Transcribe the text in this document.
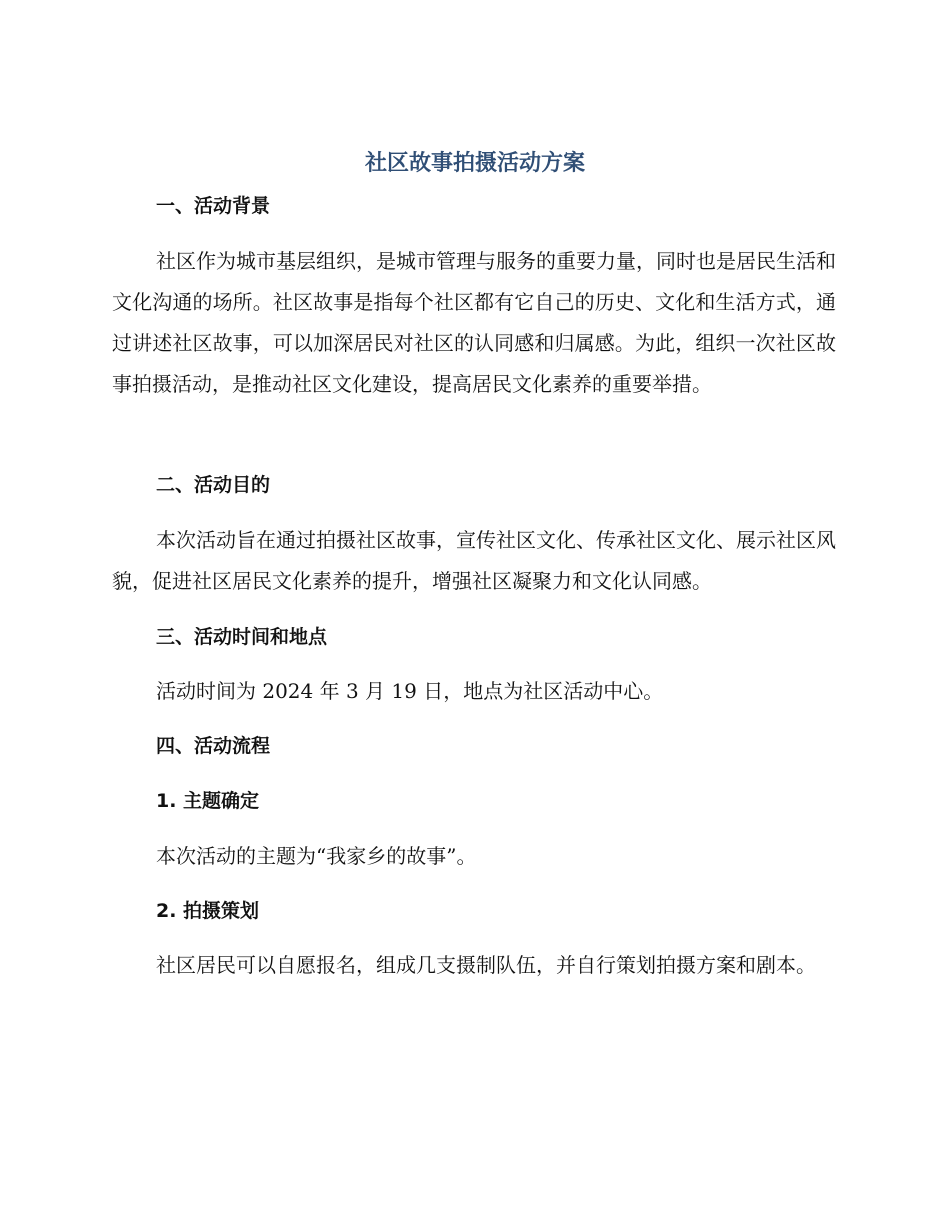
社区故事拍摄活动方案
一、活动背景
社区作为城市基层组织，是城市管理与服务的重要力量，同时也是居民生活和文化沟通的场所。社区故事是指每个社区都有它自己的历史、文化和生活方式，通过讲述社区故事，可以加深居民对社区的认同感和归属感。为此，组织一次社区故事拍摄活动，是推动社区文化建设，提高居民文化素养的重要举措。
二、活动目的
本次活动旨在通过拍摄社区故事，宣传社区文化、传承社区文化、展示社区风貌，促进社区居民文化素养的提升，增强社区凝聚力和文化认同感。
三、活动时间和地点
活动时间为 2024 年 3 月 19 日，地点为社区活动中心。
四、活动流程
1. 主题确定
本次活动的主题为“我家乡的故事”。
2. 拍摄策划
社区居民可以自愿报名，组成几支摄制队伍，并自行策划拍摄方案和剧本。
